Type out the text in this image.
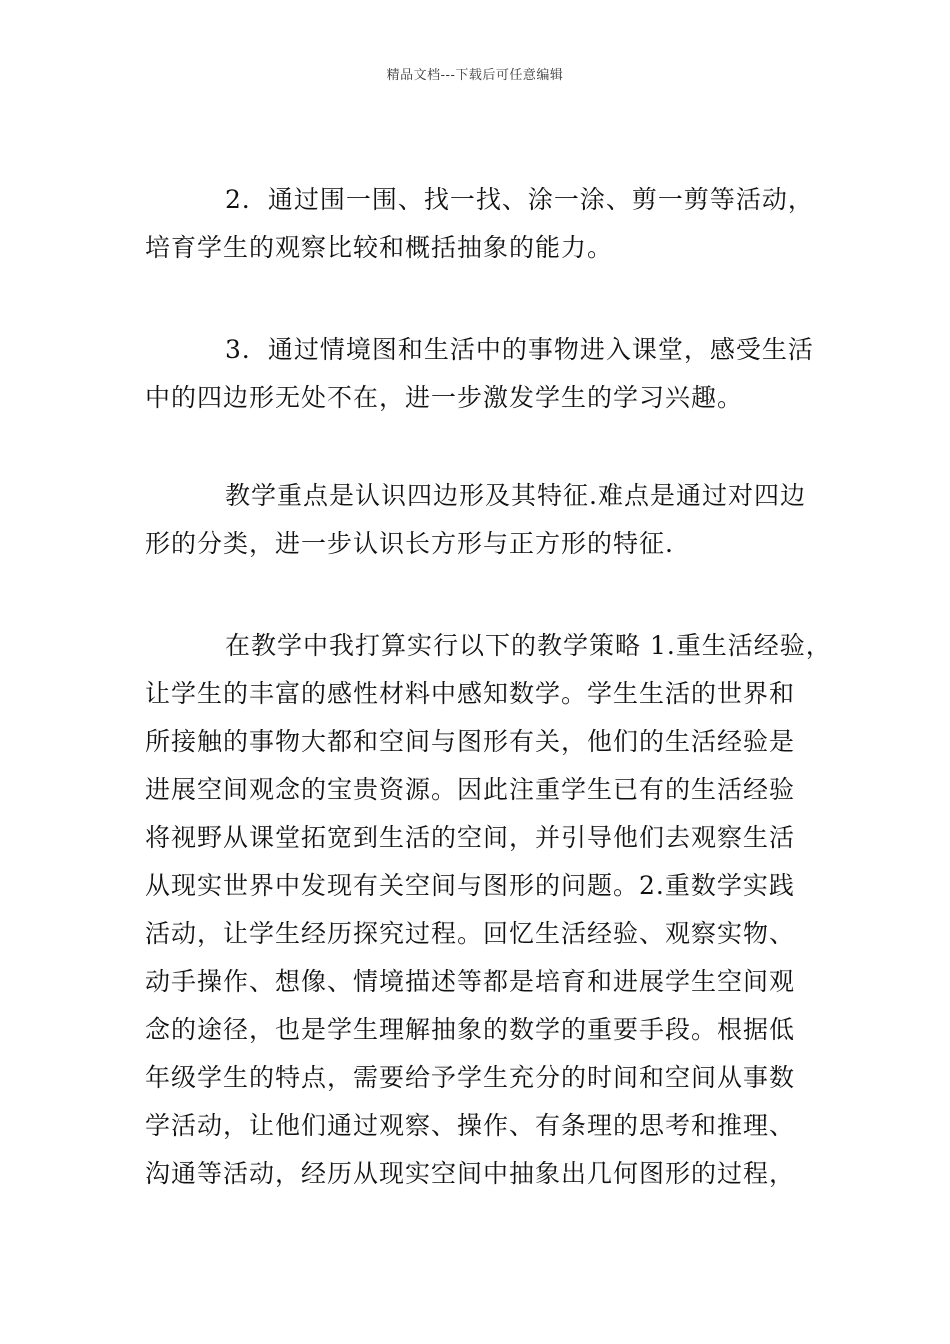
精品文档---下载后可任意编辑

2．通过围一围、找一找、涂一涂、剪一剪等活动，
培育学生的观察比较和概括抽象的能力。

3．通过情境图和生活中的事物进入课堂，感受生活
中的四边形无处不在，进一步激发学生的学习兴趣。

教学重点是认识四边形及其特征.难点是通过对四边
形的分类，进一步认识长方形与正方形的特征.

在教学中我打算实行以下的教学策略 1.重生活经验，
让学生的丰富的感性材料中感知数学。学生生活的世界和
所接触的事物大都和空间与图形有关，他们的生活经验是
进展空间观念的宝贵资源。因此注重学生已有的生活经验
将视野从课堂拓宽到生活的空间，并引导他们去观察生活
从现实世界中发现有关空间与图形的问题。2.重数学实践
活动，让学生经历探究过程。回忆生活经验、观察实物、
动手操作、想像、情境描述等都是培育和进展学生空间观
念的途径，也是学生理解抽象的数学的重要手段。根据低
年级学生的特点，需要给予学生充分的时间和空间从事数
学活动，让他们通过观察、操作、有条理的思考和推理、
沟通等活动，经历从现实空间中抽象出几何图形的过程，
